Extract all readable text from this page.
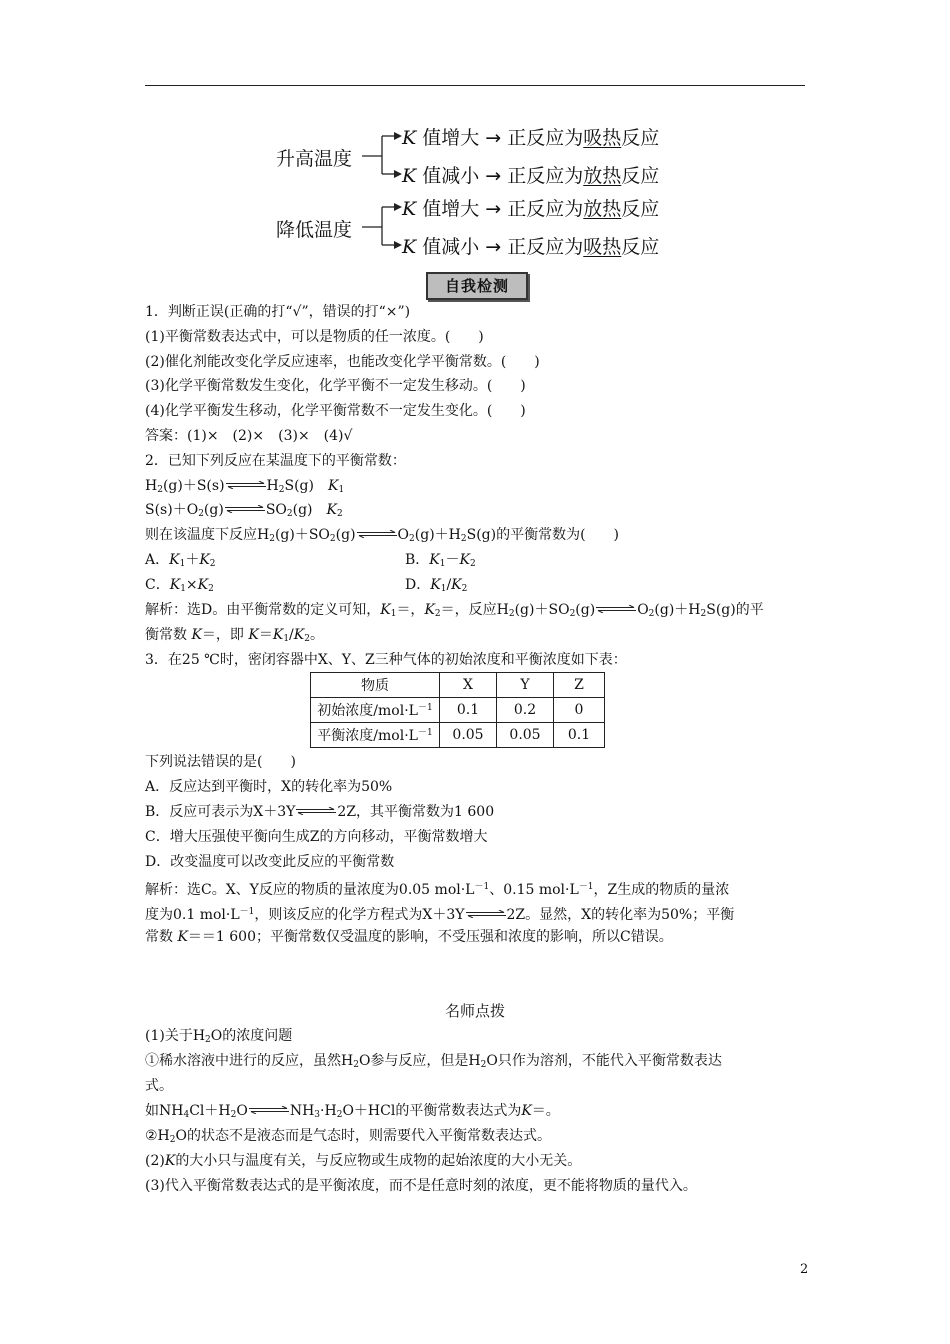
升高温度
降低温度
K 值增大 → 正反应为吸热反应
K 值减小 → 正反应为放热反应
K 值增大 → 正反应为放热反应
K 值减小 → 正反应为吸热反应
自我检测
1．判断正误(正确的打“√”，错误的打“×”)
(1)平衡常数表达式中，可以是物质的任一浓度。(　　)
(2)催化剂能改变化学反应速率，也能改变化学平衡常数。(　　)
(3)化学平衡常数发生变化，化学平衡不一定发生移动。(　　)
(4)化学平衡发生移动，化学平衡常数不一定发生变化。(　　)
答案：(1)×　(2)×　(3)×　(4)√
2．已知下列反应在某温度下的平衡常数：
$H_2(g)+S(s)\rightleftharpoons H_2S(g)$　$K_1$
$S(s)+O_2(g)\rightleftharpoons SO_2(g)$　$K_2$
则在该温度下反应$H_2(g)+SO_2(g)\rightleftharpoons O_2(g)+H_2S(g)$的平衡常数为(　　)
A．$K_1+K_2$	B．$K_1-K_2$
C．$K_1\times K_2$	D．$K_1/K_2$
解析：选D。由平衡常数的定义可知，$K_1=$，$K_2=$，反应$H_2(g)+SO_2(g)\rightleftharpoons O_2(g)+H_2S(g)$的平
衡常数 K＝，即 $K=K_1/K_2$。
3．在25 ℃时，密闭容器中X、Y、Z三种气体的初始浓度和平衡浓度如下表：
物质	X	Y	Z
初始浓度$/mol\cdot L^{-1}$	0.1	0.2	0
平衡浓度$/mol\cdot L^{-1}$	0.05	0.05	0.1
下列说法错误的是(　　)
A．反应达到平衡时，X的转化率为50%
B．反应可表示为X＋3Y⇌2Z，其平衡常数为1 600
C．增大压强使平衡向生成Z的方向移动，平衡常数增大
D．改变温度可以改变此反应的平衡常数
解析：选C。X、Y反应的物质的量浓度为0.05 $mol\cdot L^{-1}$、0.15 $mol\cdot L^{-1}$，Z生成的物质的量浓
度为0.1 $mol\cdot L^{-1}$，则该反应的化学方程式为X＋3Y⇌2Z。显然，X的转化率为50%；平衡
常数 K＝＝1 600；平衡常数仅受温度的影响，不受压强和浓度的影响，所以C错误。
名师点拨
(1)关于$H_2O$的浓度问题
①稀水溶液中进行的反应，虽然$H_2O$参与反应，但是$H_2O$只作为溶剂，不能代入平衡常数表达
式。
如$NH_4Cl+H_2O\rightleftharpoons NH_3\cdot H_2O+HCl$的平衡常数表达式为K＝。
$②H_2O$的状态不是液态而是气态时，则需要代入平衡常数表达式。
(2)K的大小只与温度有关，与反应物或生成物的起始浓度的大小无关。
(3)代入平衡常数表达式的是平衡浓度，而不是任意时刻的浓度，更不能将物质的量代入。
2
